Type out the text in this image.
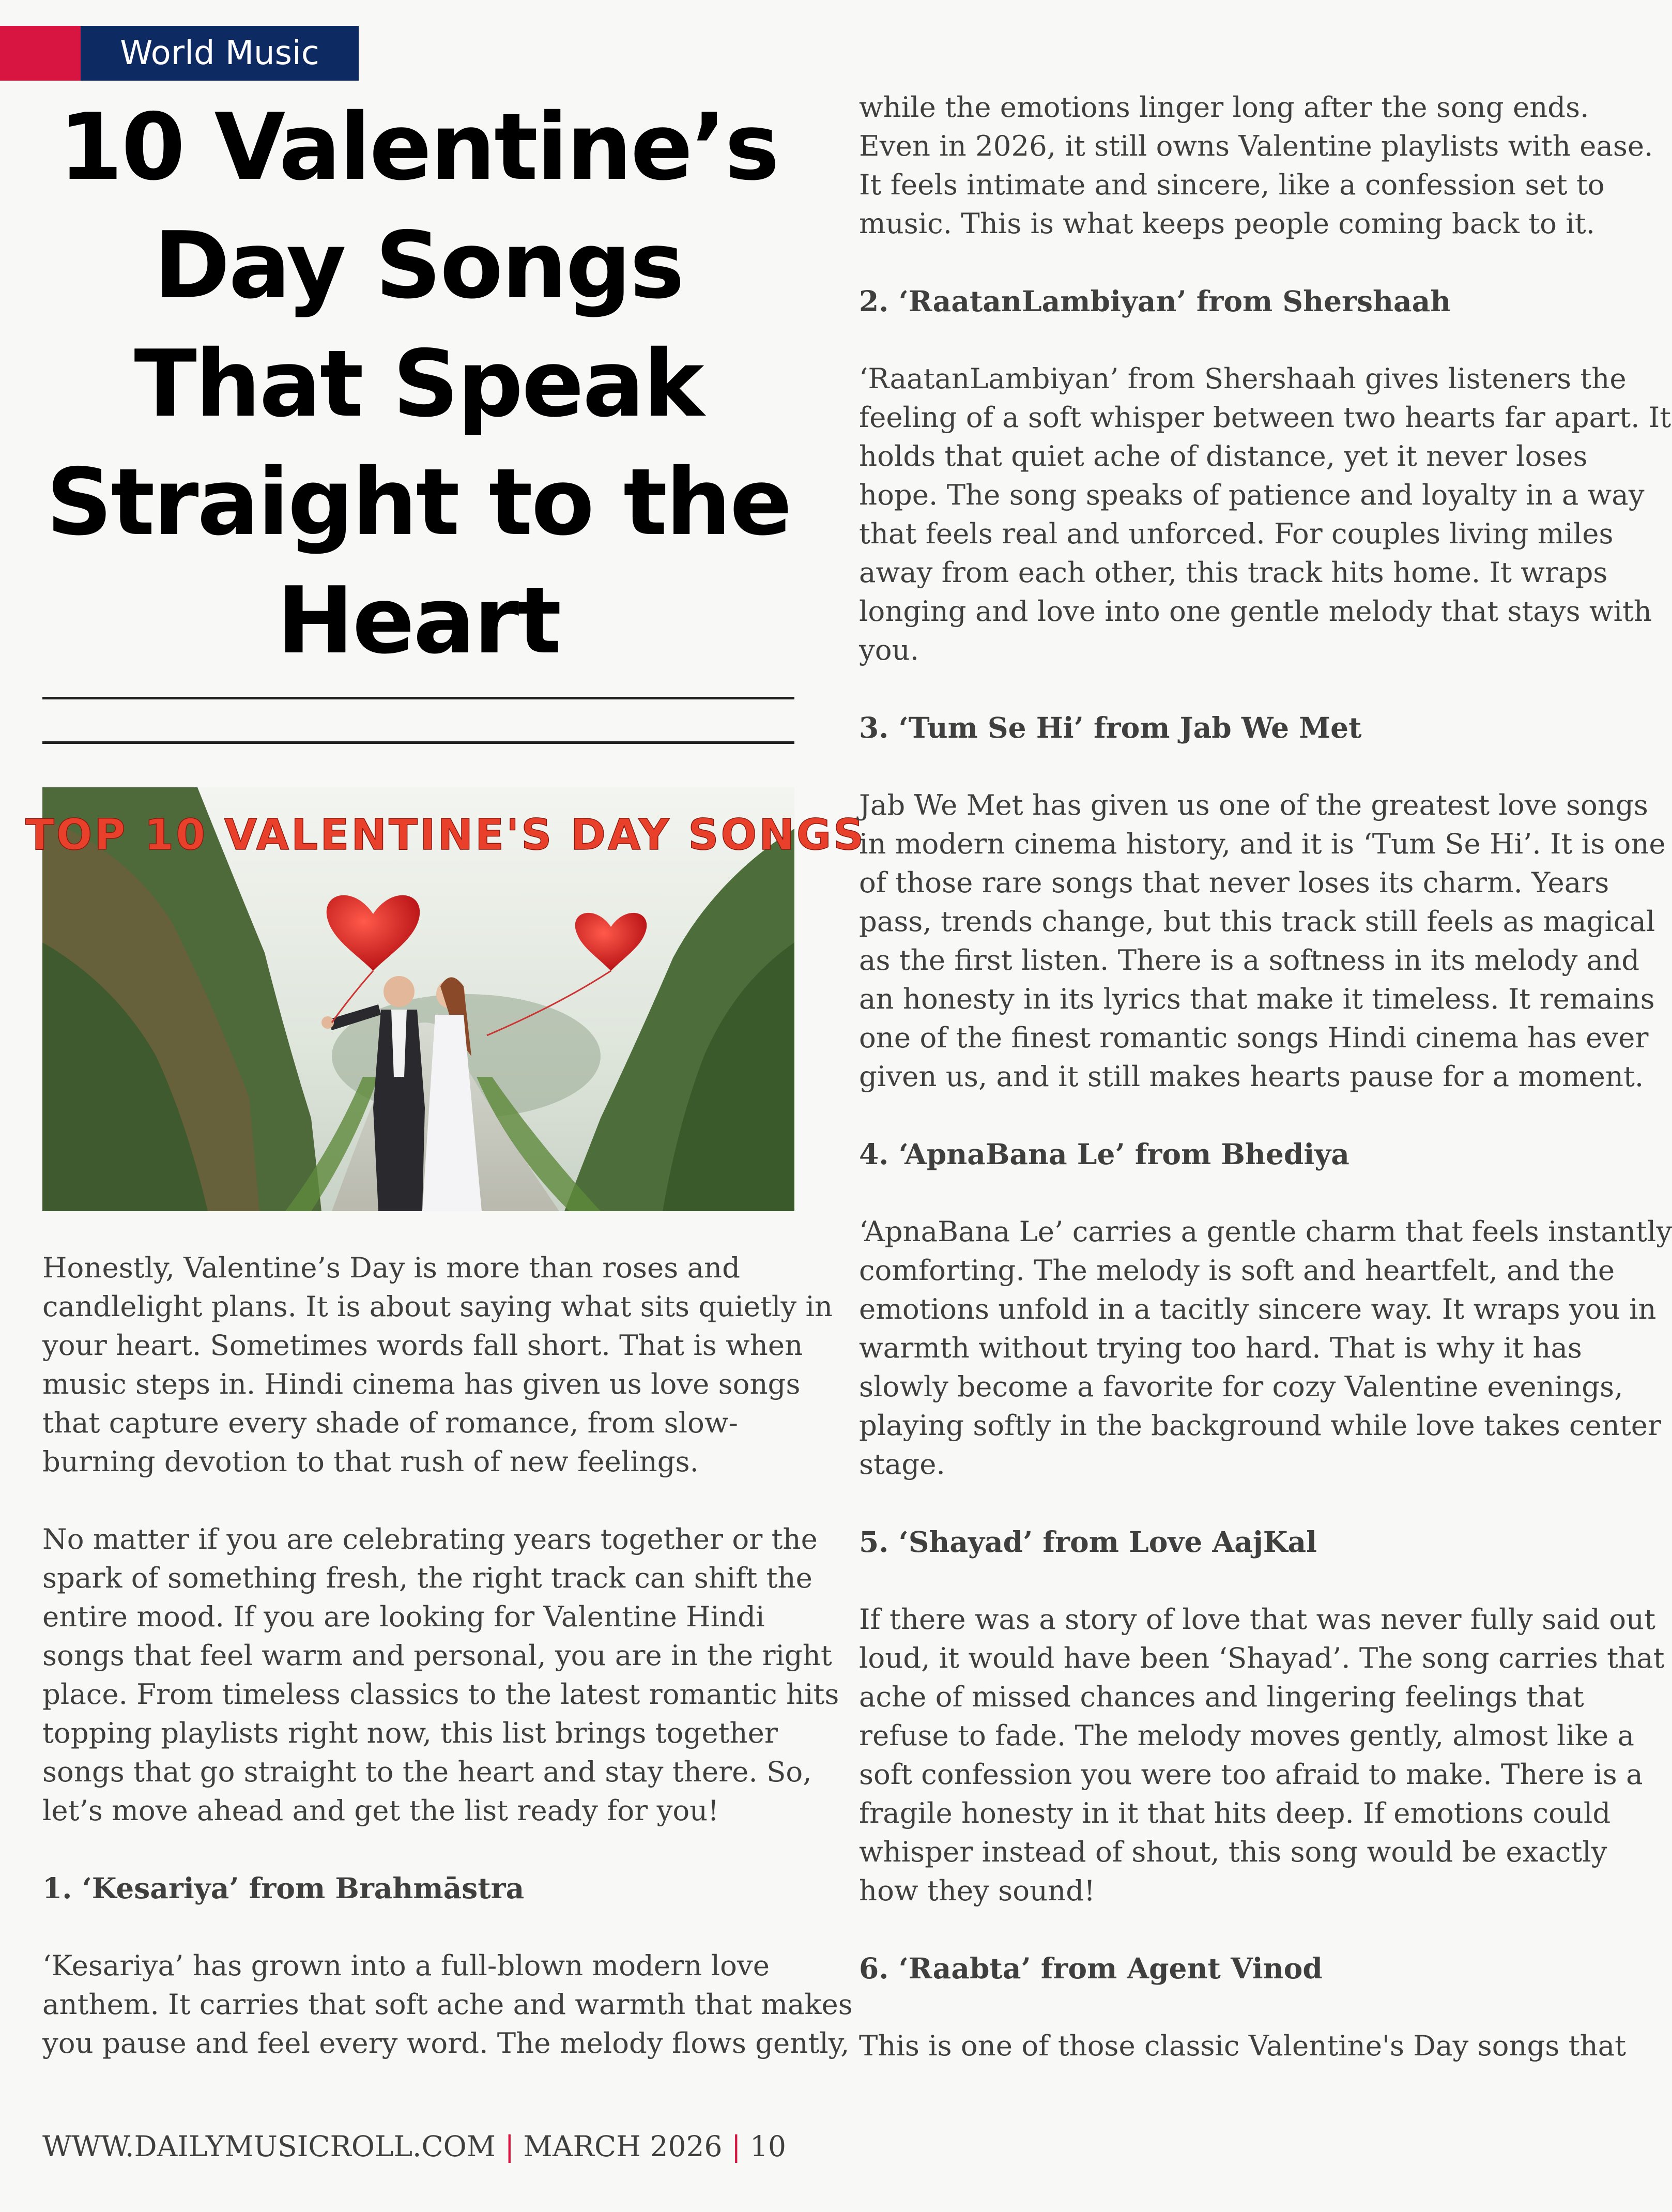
World Music
10 Valentine’s
Day Songs
That Speak
Straight to the
Heart
TOP 10 VALENTINE'S DAY SONGS

Honestly, Valentine’s Day is more than roses and

candlelight plans. It is about saying what sits quietly in

your heart. Sometimes words fall short. That is when

music steps in. Hindi cinema has given us love songs

that capture every shade of romance, from slow-

burning devotion to that rush of new feelings.

No matter if you are celebrating years together or the

spark of something fresh, the right track can shift the

entire mood. If you are looking for Valentine Hindi

songs that feel warm and personal, you are in the right

place. From timeless classics to the latest romantic hits

topping playlists right now, this list brings together

songs that go straight to the heart and stay there. So,

let’s move ahead and get the list ready for you!

1. ‘Kesariya’ from Brahmāstra

‘Kesariya’ has grown into a full-blown modern love

anthem. It carries that soft ache and warmth that makes

you pause and feel every word. The melody flows gently,

while the emotions linger long after the song ends.

Even in 2026, it still owns Valentine playlists with ease.

It feels intimate and sincere, like a confession set to

music. This is what keeps people coming back to it.

2. ‘RaatanLambiyan’ from Shershaah

‘RaatanLambiyan’ from Shershaah gives listeners the

feeling of a soft whisper between two hearts far apart. It

holds that quiet ache of distance, yet it never loses

hope. The song speaks of patience and loyalty in a way

that feels real and unforced. For couples living miles

away from each other, this track hits home. It wraps

longing and love into one gentle melody that stays with

you.

3. ‘Tum Se Hi’ from Jab We Met

Jab We Met has given us one of the greatest love songs

in modern cinema history, and it is ‘Tum Se Hi’. It is one

of those rare songs that never loses its charm. Years

pass, trends change, but this track still feels as magical

as the first listen. There is a softness in its melody and

an honesty in its lyrics that make it timeless. It remains

one of the finest romantic songs Hindi cinema has ever

given us, and it still makes hearts pause for a moment.

4. ‘ApnaBana Le’ from Bhediya

‘ApnaBana Le’ carries a gentle charm that feels instantly

comforting. The melody is soft and heartfelt, and the

emotions unfold in a tacitly sincere way. It wraps you in

warmth without trying too hard. That is why it has

slowly become a favorite for cozy Valentine evenings,

playing softly in the background while love takes center

stage.

5. ‘Shayad’ from Love AajKal

If there was a story of love that was never fully said out

loud, it would have been ‘Shayad’. The song carries that

ache of missed chances and lingering feelings that

refuse to fade. The melody moves gently, almost like a

soft confession you were too afraid to make. There is a

fragile honesty in it that hits deep. If emotions could

whisper instead of shout, this song would be exactly

how they sound!

6. ‘Raabta’ from Agent Vinod

This is one of those classic Valentine's Day songs that

WWW.DAILYMUSICROLL.COM | MARCH 2026 | 10
